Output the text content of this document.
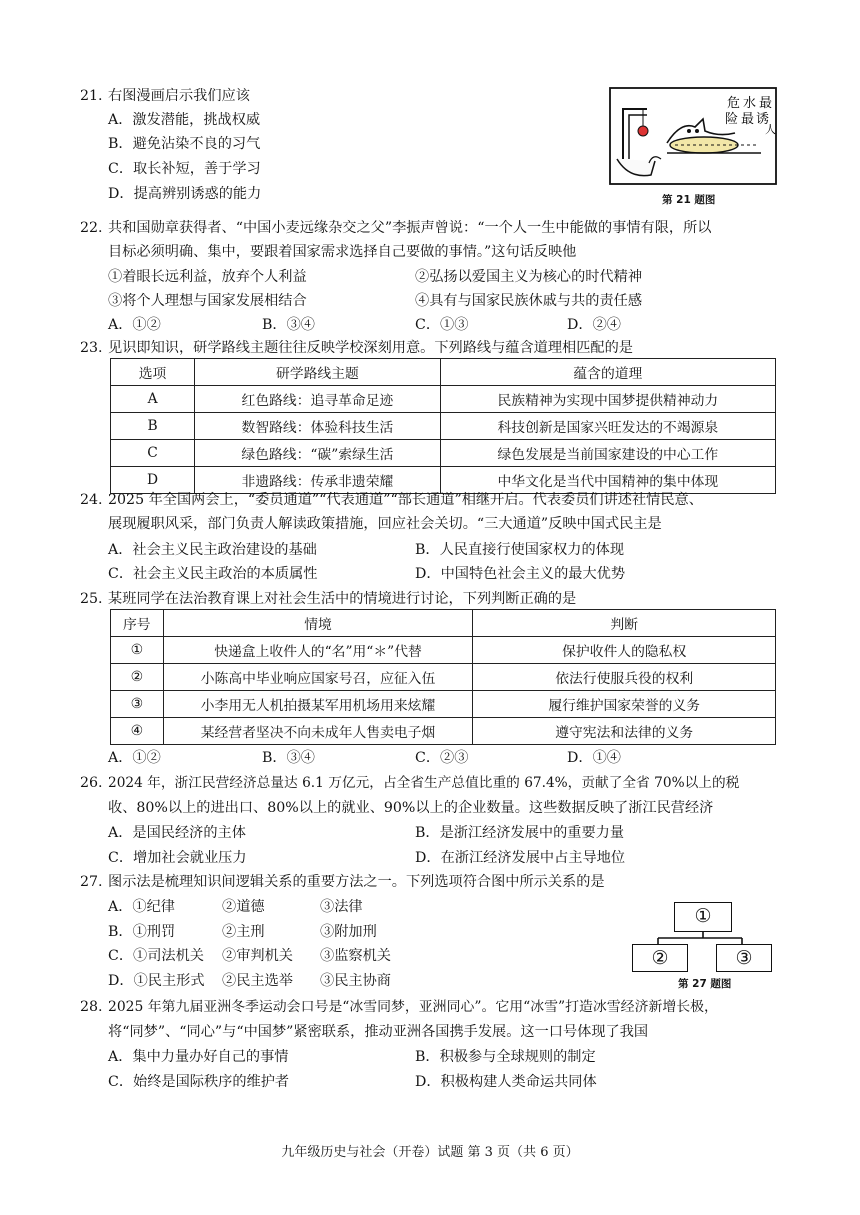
21. 右图漫画启示我们应该
A．激发潜能，挑战权威
B．避免沾染不良的习气
C．取长补短，善于学习
D．提高辨别诱惑的能力
危 水 最
险 最 诱
人
第 21 题图
22. 共和国勋章获得者、“中国小麦远缘杂交之父”李振声曾说：“一个人一生中能做的事情有限，所以
目标必须明确、集中，要跟着国家需求选择自己要做的事情。”这句话反映他
①着眼长远利益，放弃个人利益	②弘扬以爱国主义为核心的时代精神
③将个人理想与国家发展相结合	④具有与国家民族休戚与共的责任感
A．①②	B．③④	C．①③	D．②④
23. 见识即知识，研学路线主题往往反映学校深刻用意。下列路线与蕴含道理相匹配的是
选项	研学路线主题	蕴含的道理
A	红色路线：追寻革命足迹	民族精神为实现中国梦提供精神动力
B	数智路线：体验科技生活	科技创新是国家兴旺发达的不竭源泉
C	绿色路线：“碳”索绿生活	绿色发展是当前国家建设的中心工作
D	非遗路线：传承非遗荣耀	中华文化是当代中国精神的集中体现
24. 2025 年全国两会上，“委员通道”“代表通道”“部长通道”相继开启。代表委员们讲述社情民意、
展现履职风采，部门负责人解读政策措施，回应社会关切。“三大通道”反映中国式民主是
A．社会主义民主政治建设的基础	B．人民直接行使国家权力的体现
C．社会主义民主政治的本质属性	D．中国特色社会主义的最大优势
25. 某班同学在法治教育课上对社会生活中的情境进行讨论，下列判断正确的是
序号	情境	判断
①	快递盒上收件人的“名”用“＊”代替	保护收件人的隐私权
②	小陈高中毕业响应国家号召，应征入伍	依法行使服兵役的权利
③	小李用无人机拍摄某军用机场用来炫耀	履行维护国家荣誉的义务
④	某经营者坚决不向未成年人售卖电子烟	遵守宪法和法律的义务
A．①②	B．③④	C．②③	D．①④
26. 2024 年，浙江民营经济总量达 6.1 万亿元，占全省生产总值比重的 67.4%，贡献了全省 70%以上的税
收、80%以上的进出口、80%以上的就业、90%以上的企业数量。这些数据反映了浙江民营经济
A．是国民经济的主体	B．是浙江经济发展中的重要力量
C．增加社会就业压力	D．在浙江经济发展中占主导地位
27. 图示法是梳理知识间逻辑关系的重要方法之一。下列选项符合图中所示关系的是
A．①纪律	②道德	③法律
B．①刑罚	②主刑	③附加刑
C．①司法机关 ②审判机关 ③监察机关
D．①民主形式 ②民主选举 ③民主协商
①
②	③
第 27 题图
28. 2025 年第九届亚洲冬季运动会口号是“冰雪同梦，亚洲同心”。它用“冰雪”打造冰雪经济新增长极，
将“同梦”、“同心”与“中国梦”紧密联系，推动亚洲各国携手发展。这一口号体现了我国
A．集中力量办好自己的事情	B．积极参与全球规则的制定
C．始终是国际秩序的维护者	D．积极构建人类命运共同体
九年级历史与社会（开卷）试题 第 3 页（共 6 页）
